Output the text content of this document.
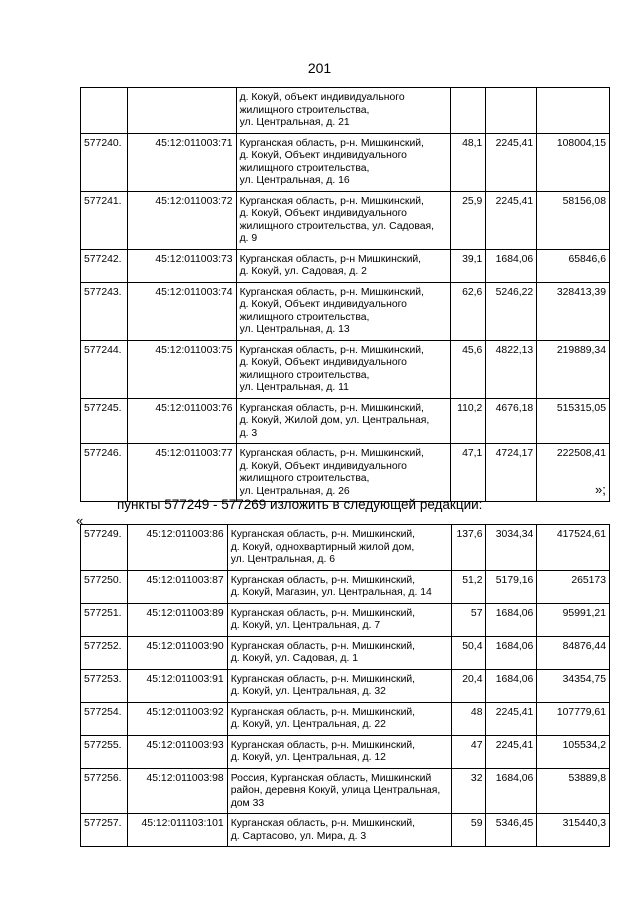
201

		д. Кокуй, объект индивидуального
жилищного строительства,
ул. Центральная, д. 21			

577240.	45:12:011003:71	Курганская область, р-н. Мишкинский,
д. Кокуй, Объект индивидуального
жилищного строительства,
ул. Центральная, д. 16	48,1	2245,41	108004,15
577241.	45:12:011003:72	Курганская область, р-н. Мишкинский,
д. Кокуй, Объект индивидуального
жилищного строительства, ул. Садовая,
д. 9	25,9	2245,41	58156,08
577242.	45:12:011003:73	Курганская область, р-н Мишкинский,
д. Кокуй, ул. Садовая, д. 2	39,1	1684,06	65846,6
577243.	45:12:011003:74	Курганская область, р-н. Мишкинский,
д. Кокуй, Объект индивидуального
жилищного строительства,
ул. Центральная, д. 13	62,6	5246,22	328413,39
577244.	45:12:011003:75	Курганская область, р-н. Мишкинский,
д. Кокуй, Объект индивидуального
жилищного строительства,
ул. Центральная, д. 11	45,6	4822,13	219889,34
577245.	45:12:011003:76	Курганская область, р-н. Мишкинский,
д. Кокуй, Жилой дом, ул. Центральная,
д. 3	110,2	4676,18	515315,05
577246.	45:12:011003:77	Курганская область, р-н. Мишкинский,
д. Кокуй, Объект индивидуального
жилищного строительства,
ул. Центральная, д. 26	47,1	4724,17	222508,41
»;
пункты 577249 - 577269 изложить в следующей редакции:
«
577249.	45:12:011003:86	Курганская область, р-н. Мишкинский,
д. Кокуй, однохвартирный жилой дом,
ул. Центральная, д. 6	137,6	3034,34	417524,61
577250.	45:12:011003:87	Курганская область, р-н. Мишкинский,
д. Кокуй, Магазин, ул. Центральная, д. 14	51,2	5179,16	265173
577251.	45:12:011003:89	Курганская область, р-н. Мишкинский,
д. Кокуй, ул. Центральная, д. 7	57	1684,06	95991,21
577252.	45:12:011003:90	Курганская область, р-н. Мишкинский,
д. Кокуй, ул. Садовая, д. 1	50,4	1684,06	84876,44
577253.	45:12:011003:91	Курганская область, р-н. Мишкинский,
д. Кокуй, ул. Центральная, д. 32	20,4	1684,06	34354,75
577254.	45:12:011003:92	Курганская область, р-н. Мишкинский,
д. Кокуй, ул. Центральная, д. 22	48	2245,41	107779,61
577255.	45:12:011003:93	Курганская область, р-н. Мишкинский,
д. Кокуй, ул. Центральная, д. 12	47	2245,41	105534,2
577256.	45:12:011003:98	Россия, Курганская область, Мишкинский
район, деревня Кокуй, улица Центральная,
дом 33	32	1684,06	53889,8
577257.	45:12:011103:101	Курганская область, р-н. Мишкинский,
д. Сартасово, ул. Мира, д. 3	59	5346,45	315440,3
